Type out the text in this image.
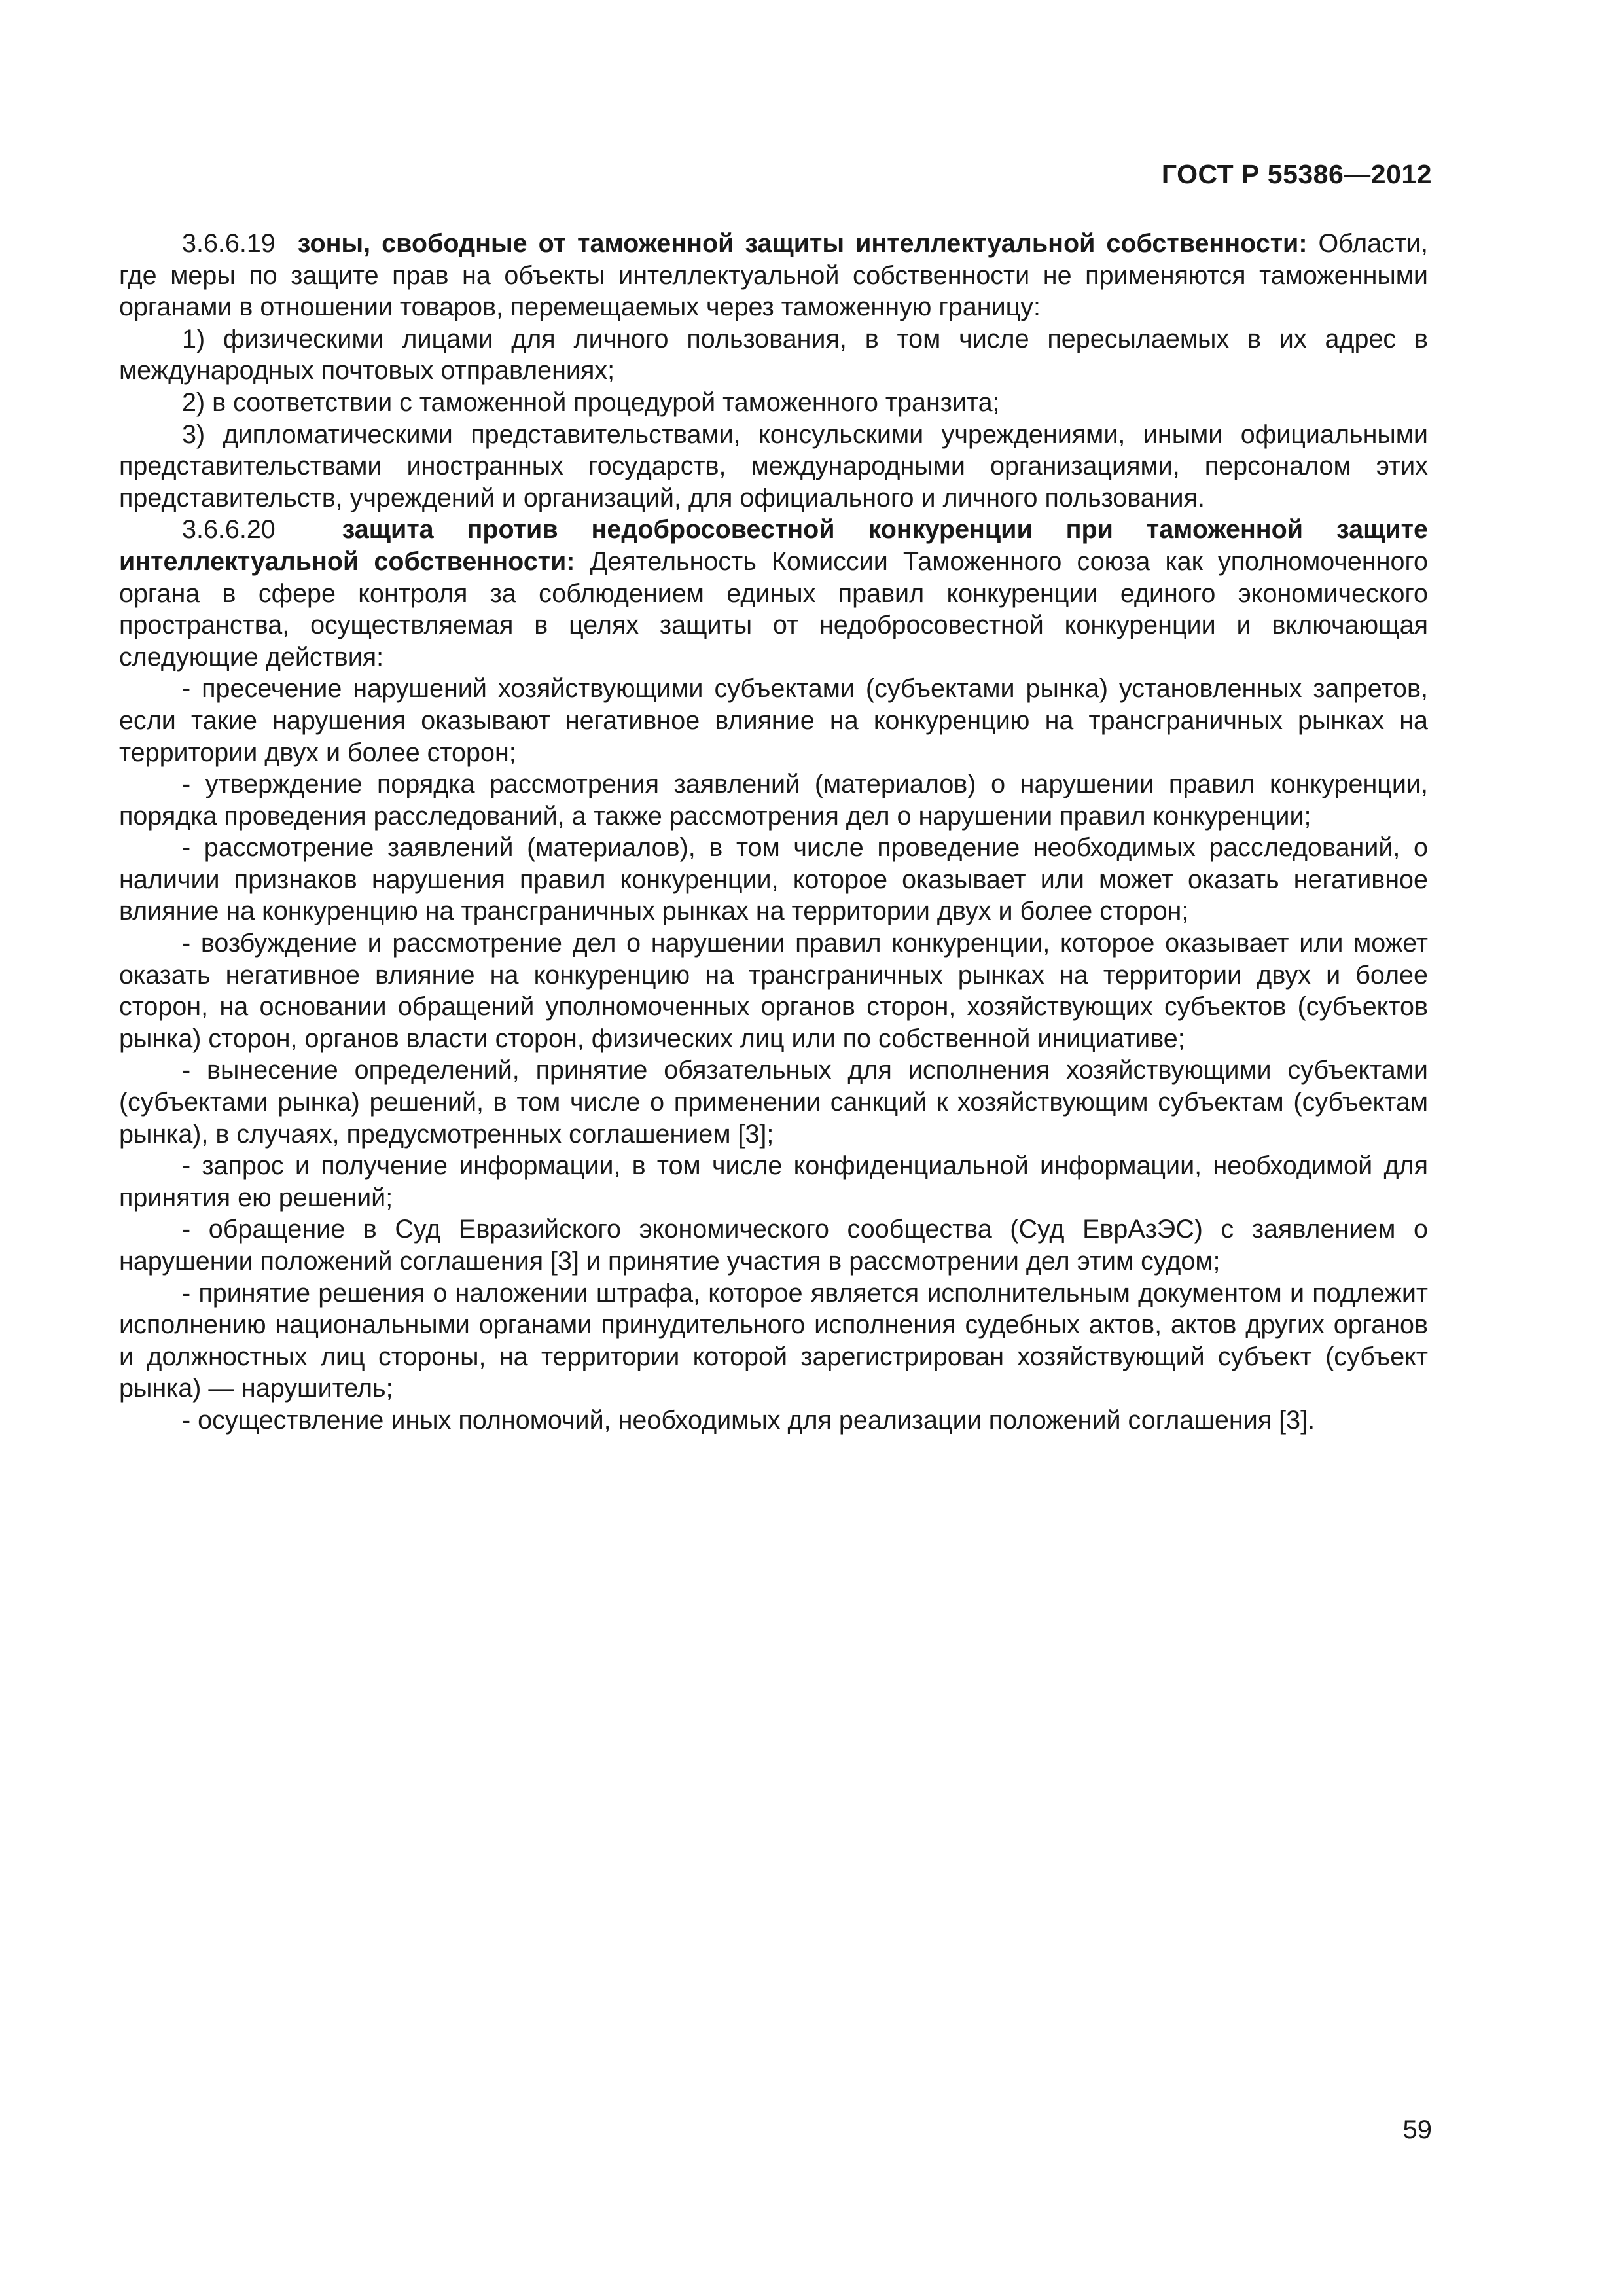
ГОСТ Р 55386—2012

3.6.6.19 зоны, свободные от таможенной защиты интеллектуальной собственности: Области, где меры по защите прав на объекты интеллектуальной собственности не применяются таможенными органами в отношении товаров, перемещаемых через таможенную границу:

1) физическими лицами для личного пользования, в том числе пересылаемых в их адрес в международных почтовых отправлениях;

2) в соответствии с таможенной процедурой таможенного транзита;

3) дипломатическими представительствами, консульскими учреждениями, иными официальными представительствами иностранных государств, международными организациями, персоналом этих представительств, учреждений и организаций, для официального и личного пользования.

3.6.6.20	защита против недобросовестной конкуренции при таможенной защите интеллектуальной собственности: Деятельность Комиссии Таможенного союза как уполномоченного органа в сфере контроля за соблюдением единых правил конкуренции единого экономического пространства, осуществляемая в целях защиты от недобросовестной конкуренции и включающая следующие действия:

- пресечение нарушений хозяйствующими субъектами (субъектами рынка) установленных запретов, если такие нарушения оказывают негативное влияние на конкуренцию на трансграничных рынках на территории двух и более сторон;

- утверждение порядка рассмотрения заявлений (материалов) о нарушении правил конкуренции, порядка проведения расследований, а также рассмотрения дел о нарушении правил конкуренции;

- рассмотрение заявлений (материалов), в том числе проведение необходимых расследований, о наличии признаков нарушения правил конкуренции, которое оказывает или может оказать негативное влияние на конкуренцию на трансграничных рынках на территории двух и более сторон;

- возбуждение и рассмотрение дел о нарушении правил конкуренции, которое оказывает или может оказать негативное влияние на конкуренцию на трансграничных рынках на территории двух и более сторон, на основании обращений уполномоченных органов сторон, хозяйствующих субъектов (субъектов рынка) сторон, органов власти сторон, физических лиц или по собственной инициативе;

- вынесение определений, принятие обязательных для исполнения хозяйствующими субъектами (субъектами рынка) решений, в том числе о применении санкций к хозяйствующим субъектам (субъектам рынка), в случаях, предусмотренных соглашением [3];

- запрос и получение информации, в том числе конфиденциальной информации, необходимой для принятия ею решений;

- обращение в Суд Евразийского экономического сообщества (Суд ЕврАзЭС) с заявлением о нарушении положений соглашения [3] и принятие участия в рассмотрении дел этим судом;

- принятие решения о наложении штрафа, которое является исполнительным документом и подлежит исполнению национальными органами принудительного исполнения судебных актов, актов других органов и должностных лиц стороны, на территории которой зарегистрирован хозяйствующий субъект (субъект рынка) — нарушитель;

- осуществление иных полномочий, необходимых для реализации положений соглашения [3].

59
